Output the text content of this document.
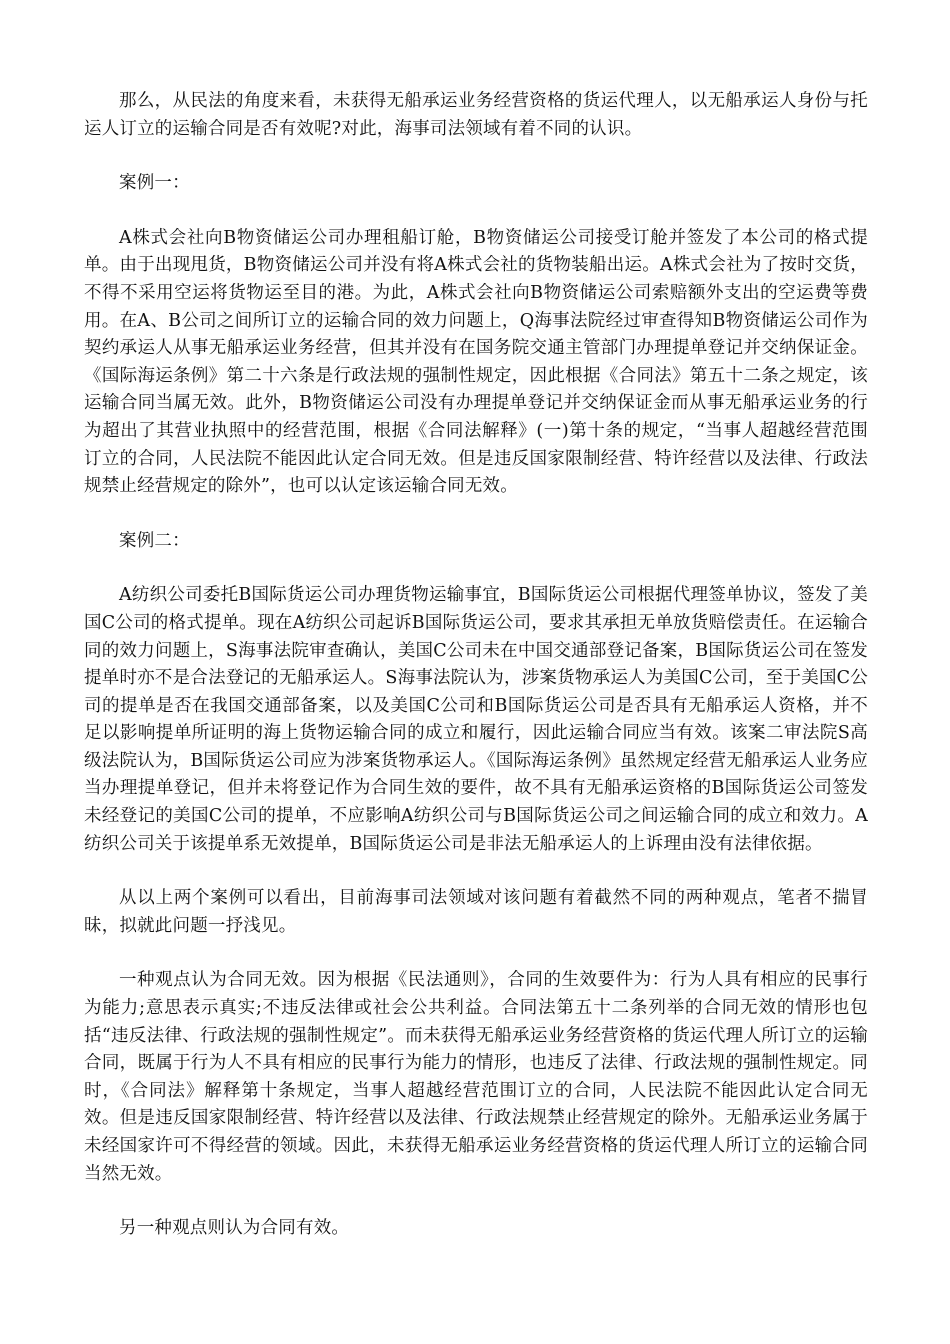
那么，从民法的角度来看，未获得无船承运业务经营资格的货运代理人，以无船承运人身份与托运人订立的运输合同是否有效呢?对此，海事司法领域有着不同的认识。

案例一：

A株式会社向B物资储运公司办理租船订舱，B物资储运公司接受订舱并签发了本公司的格式提单。由于出现甩货，B物资储运公司并没有将A株式会社的货物装船出运。A株式会社为了按时交货，不得不采用空运将货物运至目的港。为此，A株式会社向B物资储运公司索赔额外支出的空运费等费用。在A、B公司之间所订立的运输合同的效力问题上，Q海事法院经过审查得知B物资储运公司作为契约承运人从事无船承运业务经营，但其并没有在国务院交通主管部门办理提单登记并交纳保证金。《国际海运条例》第二十六条是行政法规的强制性规定，因此根据《合同法》第五十二条之规定，该运输合同当属无效。此外，B物资储运公司没有办理提单登记并交纳保证金而从事无船承运业务的行为超出了其营业执照中的经营范围，根据《合同法解释》(一)第十条的规定，“当事人超越经营范围订立的合同，人民法院不能因此认定合同无效。但是违反国家限制经营、特许经营以及法律、行政法规禁止经营规定的除外”，也可以认定该运输合同无效。

案例二：

A纺织公司委托B国际货运公司办理货物运输事宜，B国际货运公司根据代理签单协议，签发了美国C公司的格式提单。现在A纺织公司起诉B国际货运公司，要求其承担无单放货赔偿责任。在运输合同的效力问题上，S海事法院审查确认，美国C公司未在中国交通部登记备案，B国际货运公司在签发提单时亦不是合法登记的无船承运人。S海事法院认为，涉案货物承运人为美国C公司，至于美国C公司的提单是否在我国交通部备案，以及美国C公司和B国际货运公司是否具有无船承运人资格，并不足以影响提单所证明的海上货物运输合同的成立和履行，因此运输合同应当有效。该案二审法院S高级法院认为，B国际货运公司应为涉案货物承运人。《国际海运条例》虽然规定经营无船承运人业务应当办理提单登记，但并未将登记作为合同生效的要件，故不具有无船承运资格的B国际货运公司签发未经登记的美国C公司的提单，不应影响A纺织公司与B国际货运公司之间运输合同的成立和效力。A纺织公司关于该提单系无效提单，B国际货运公司是非法无船承运人的上诉理由没有法律依据。

从以上两个案例可以看出，目前海事司法领域对该问题有着截然不同的两种观点，笔者不揣冒昧，拟就此问题一抒浅见。

一种观点认为合同无效。因为根据《民法通则》，合同的生效要件为：行为人具有相应的民事行为能力;意思表示真实;不违反法律或社会公共利益。合同法第五十二条列举的合同无效的情形也包括“违反法律、行政法规的强制性规定”。而未获得无船承运业务经营资格的货运代理人所订立的运输合同，既属于行为人不具有相应的民事行为能力的情形，也违反了法律、行政法规的强制性规定。同时，《合同法》解释第十条规定，当事人超越经营范围订立的合同，人民法院不能因此认定合同无效。但是违反国家限制经营、特许经营以及法律、行政法规禁止经营规定的除外。无船承运业务属于未经国家许可不得经营的领域。因此，未获得无船承运业务经营资格的货运代理人所订立的运输合同当然无效。

另一种观点则认为合同有效。
